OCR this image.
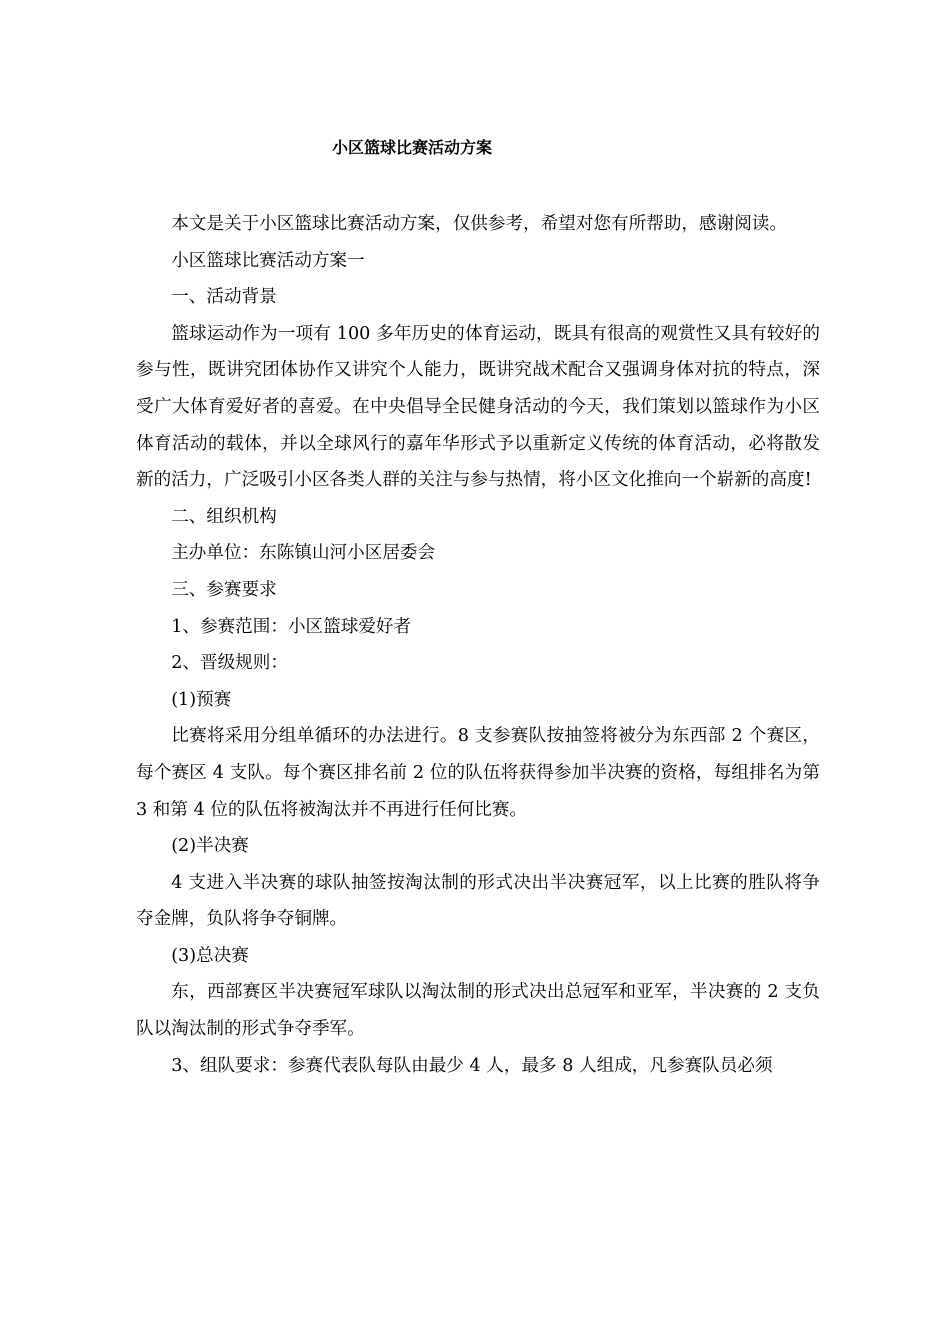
小区篮球比赛活动方案

本文是关于小区篮球比赛活动方案，仅供参考，希望对您有所帮助，感谢阅读。

小区篮球比赛活动方案一

一、活动背景

篮球运动作为一项有 100 多年历史的体育运动，既具有很高的观赏性又具有较好的参与性，既讲究团体协作又讲究个人能力，既讲究战术配合又强调身体对抗的特点，深受广大体育爱好者的喜爱。在中央倡导全民健身活动的今天，我们策划以篮球作为小区体育活动的载体，并以全球风行的嘉年华形式予以重新定义传统的体育活动，必将散发新的活力，广泛吸引小区各类人群的关注与参与热情，将小区文化推向一个崭新的高度!

二、组织机构

主办单位：东陈镇山河小区居委会

三、参赛要求

1、参赛范围：小区篮球爱好者

2、晋级规则：

(1)预赛

比赛将采用分组单循环的办法进行。8 支参赛队按抽签将被分为东西部 2 个赛区，每个赛区 4 支队。每个赛区排名前 2 位的队伍将获得参加半决赛的资格，每组排名为第 3 和第 4 位的队伍将被淘汰并不再进行任何比赛。

(2)半决赛

4 支进入半决赛的球队抽签按淘汰制的形式决出半决赛冠军，以上比赛的胜队将争夺金牌，负队将争夺铜牌。

(3)总决赛

东，西部赛区半决赛冠军球队以淘汰制的形式决出总冠军和亚军，半决赛的 2 支负队以淘汰制的形式争夺季军。

3、组队要求：参赛代表队每队由最少 4 人，最多 8 人组成，凡参赛队员必须
